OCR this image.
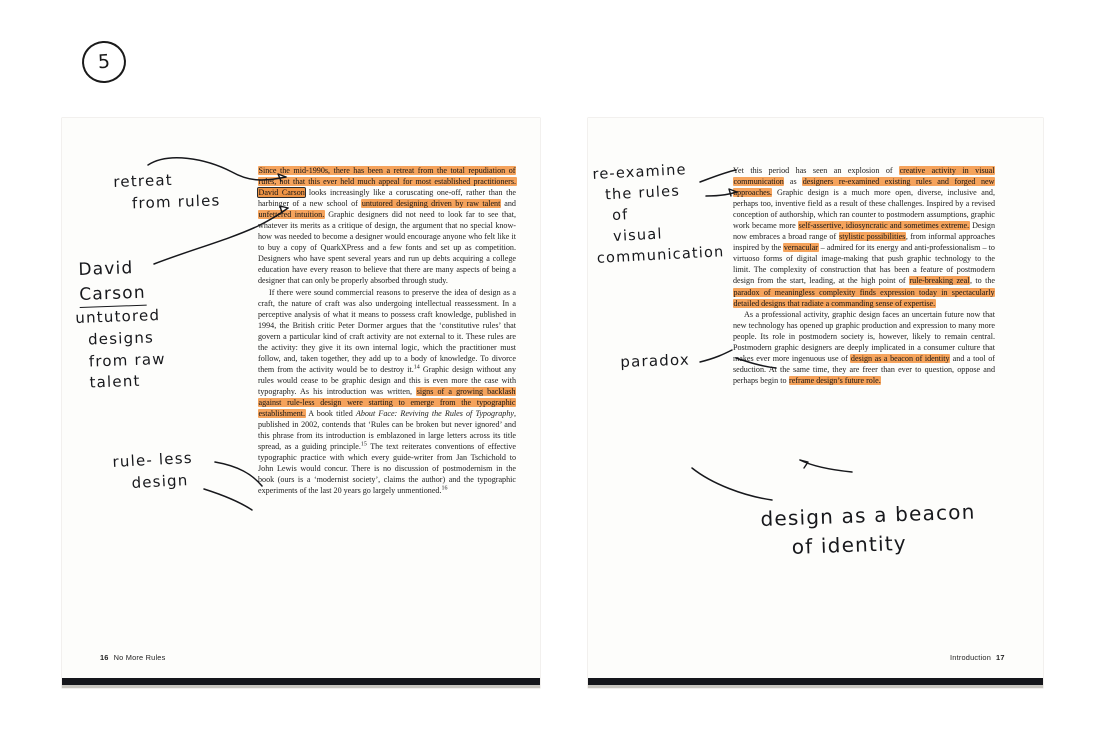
5

Since the mid-1990s, there has been a retreat from the total repudiation of rules, not that this ever held much appeal for most established practitioners. David Carson looks increasingly like a coruscating one-off, rather than the harbinger of a new school of untutored designing driven by raw talent and unfettered intuition. Graphic designers did not need to look far to see that, whatever its merits as a critique of design, the argument that no special know-how was needed to become a designer would encourage anyone who felt like it to buy a copy of QuarkXPress and a few fonts and set up as competition. Designers who have spent several years and run up debts acquiring a college education have every reason to believe that there are many aspects of being a designer that can only be properly absorbed through study.

If there were sound commercial reasons to preserve the idea of design as a craft, the nature of craft was also undergoing intellectual reassessment. In a perceptive analysis of what it means to possess craft knowledge, published in 1994, the British critic Peter Dormer argues that the ‘constitutive rules’ that govern a particular kind of craft activity are not external to it. These rules are the activity: they give it its own internal logic, which the practitioner must follow, and, taken together, they add up to a body of knowledge. To divorce them from the activity would be to destroy it.$^{14}$ Graphic design without any rules would cease to be graphic design and this is even more the case with typography. As his introduction was written, signs of a growing backlash against rule-less design were starting to emerge from the typographic establishment. A book titled About Face: Reviving the Rules of Typography, published in 2002, contends that ‘Rules can be broken but never ignored’ and this phrase from its introduction is emblazoned in large letters across its title spread, as a guiding principle.$^{15}$ The text reiterates conventions of effective typographic practice with which every guide-writer from Jan Tschichold to John Lewis would concur. There is no discussion of postmodernism in the book (ours is a ‘modernist society’, claims the author) and the typographic experiments of the last 20 years go largely unmentioned.$^{16}$

Yet this period has seen an explosion of creative activity in visual communication as designers re-examined existing rules and forged new approaches. Graphic design is a much more open, diverse, inclusive and, perhaps too, inventive field as a result of these challenges. Inspired by a revised conception of authorship, which ran counter to postmodern assumptions, graphic work became more self-assertive, idiosyncratic and sometimes extreme. Design now embraces a broad range of stylistic possibilities, from informal approaches inspired by the vernacular – admired for its energy and anti-professionalism – to virtuoso forms of digital image-making that push graphic technology to the limit. The complexity of construction that has been a feature of postmodern design from the start, leading, at the high point of rule-breaking zeal, to the paradox of meaningless complexity finds expression today in spectacularly detailed designs that radiate a commanding sense of expertise.

As a professional activity, graphic design faces an uncertain future now that new technology has opened up graphic production and expression to many more people. Its role in postmodern society is, however, likely to remain central. Postmodern graphic designers are deeply implicated in a consumer culture that makes ever more ingenuous use of design as a beacon of identity and a tool of seduction. At the same time, they are freer than ever to question, oppose and perhaps begin to reframe design’s future role.

16 No More Rules	Introduction 17
retreat
from rules
David
Carson
untutored
designs
from raw
talent
rule- less
design
re-examine
the rules
of
visual
communication
paradox
design as a beacon
of identity
